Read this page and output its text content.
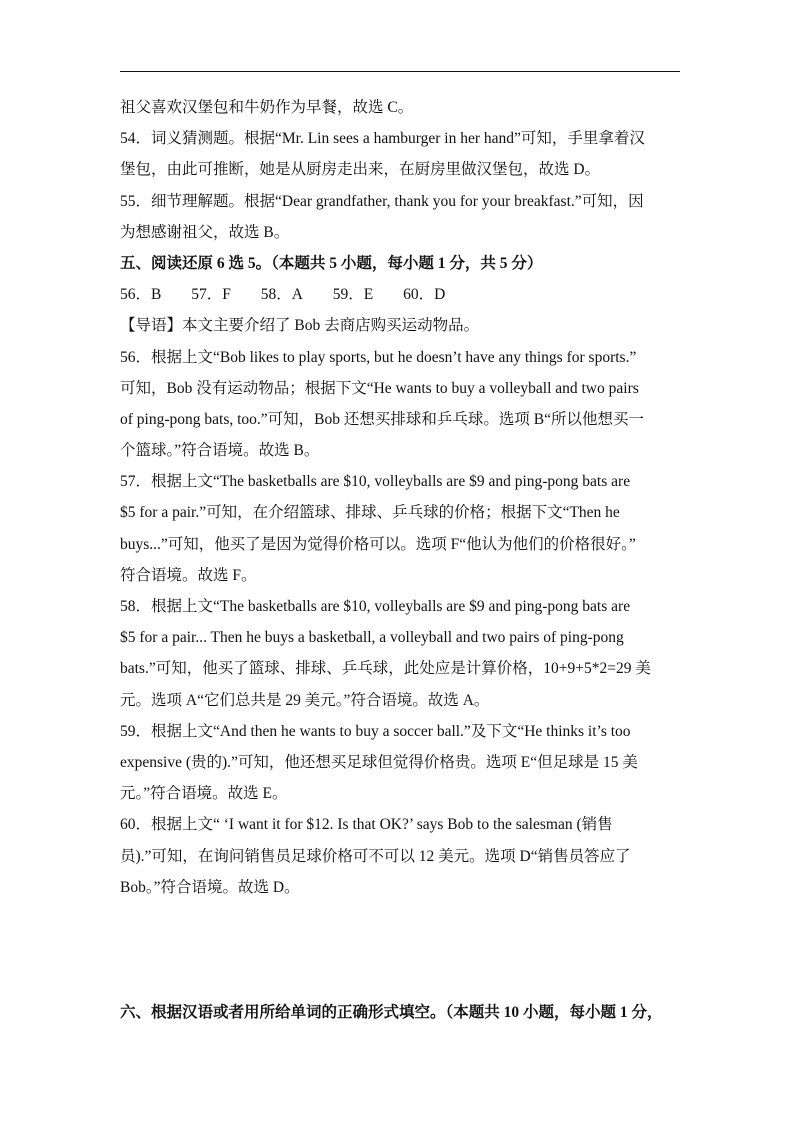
祖父喜欢汉堡包和牛奶作为早餐，故选 C。
54．词义猜测题。根据“Mr. Lin sees a hamburger in her hand”可知，手里拿着汉
堡包，由此可推断，她是从厨房走出来，在厨房里做汉堡包，故选 D。
55．细节理解题。根据“Dear grandfather, thank you for your breakfast.”可知，因
为想感谢祖父，故选 B。
五、阅读还原 6 选 5。（本题共 5 小题，每小题 1 分，共 5 分）
56．B 57．F 58．A 59．E 60．D
【导语】本文主要介绍了 Bob 去商店购买运动物品。
56．根据上文“Bob likes to play sports, but he doesn’t have any things for sports.”
可知，Bob 没有运动物品；根据下文“He wants to buy a volleyball and two pairs
of ping-pong bats, too.”可知，Bob 还想买排球和乒乓球。选项 B“所以他想买一
个篮球。”符合语境。故选 B。
57．根据上文“The basketballs are $10, volleyballs are $9 and ping-pong bats are
$5 for a pair.”可知，在介绍篮球、排球、乒乓球的价格；根据下文“Then he
buys...”可知，他买了是因为觉得价格可以。选项 F“他认为他们的价格很好。”
符合语境。故选 F。
58．根据上文“The basketballs are $10, volleyballs are $9 and ping-pong bats are
$5 for a pair... Then he buys a basketball, a volleyball and two pairs of ping-pong
bats.”可知，他买了篮球、排球、乒乓球，此处应是计算价格，10+9+5*2=29 美
元。选项 A“它们总共是 29 美元。”符合语境。故选 A。
59．根据上文“And then he wants to buy a soccer ball.”及下文“He thinks it’s too
expensive (贵的).”可知，他还想买足球但觉得价格贵。选项 E“但足球是 15 美
元。”符合语境。故选 E。
60．根据上文“ ‘I want it for $12. Is that OK?’ says Bob to the salesman (销售
员).”可知，在询问销售员足球价格可不可以 12 美元。选项 D“销售员答应了
Bob。”符合语境。故选 D。
六、根据汉语或者用所给单词的正确形式填空。（本题共 10 小题，每小题 1 分，
